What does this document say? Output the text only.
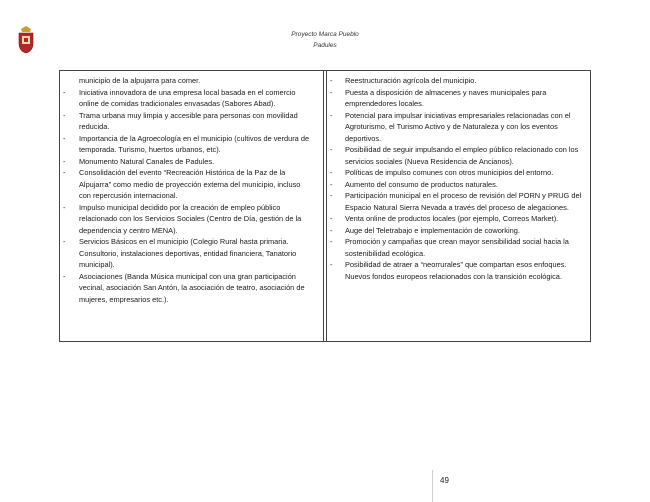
Proyecto Marca Pueblo
Padules
municipio de la alpujarra para comer.
- Iniciativa innovadora de una empresa local basada en el comercio
online de comidas tradicionales envasadas (Sabores Abad).
- Trama urbana muy limpia y accesible para personas con movilidad
reducida.
- Importancia de la Agroecología en el municipio (cultivos de verdura de
temporada. Turismo, huertos urbanos, etc).
- Monumento Natural Canales de Padules.
- Consolidación del evento “Recreación Histórica de la Paz de la
Alpujarra” como medio de proyección externa del municipio, incluso
con repercusión internacional.
- Impulso municipal decidido por la creación de empleo público
relacionado con los Servicios Sociales (Centro de Día, gestión de la
dependencia y centro MENA).
- Servicios Básicos en el municipio (Colegio Rural hasta primaria.
Consultorio, instalaciones deportivas, entidad financiera, Tanatorio
municipal).
- Asociaciones (Banda Música municipal con una gran participación
vecinal, asociación San Antón, la asociación de teatro, asociación de
mujeres, empresarios etc.).
- Reestructuración agrícola del municipio.
- Puesta a disposición de almacenes y naves municipales para
emprendedores locales.
- Potencial para impulsar iniciativas empresariales relacionadas con el
Agroturismo, el Turismo Activo y de Naturaleza y con los eventos
deportivos.
- Posibilidad de seguir impulsando el empleo público relacionado con los
servicios sociales (Nueva Residencia de Ancianos).
- Políticas de impulso comunes con otros municipios del entorno.
- Aumento del consumo de productos naturales.
- Participación municipal en el proceso de revisión del PORN y PRUG del
Espacio Natural Sierra Nevada a través del proceso de alegaciones.
- Venta online de productos locales (por ejemplo, Correos Market).
- Auge del Teletrabajo e implementación de coworking.
- Promoción y campañas que crean mayor sensibilidad social hacia la
sostenibilidad ecológica.
- Posibilidad de atraer a “neorrurales” que compartan esos enfoques.
Nuevos fondos europeos relacionados con la transición ecológica.
49
